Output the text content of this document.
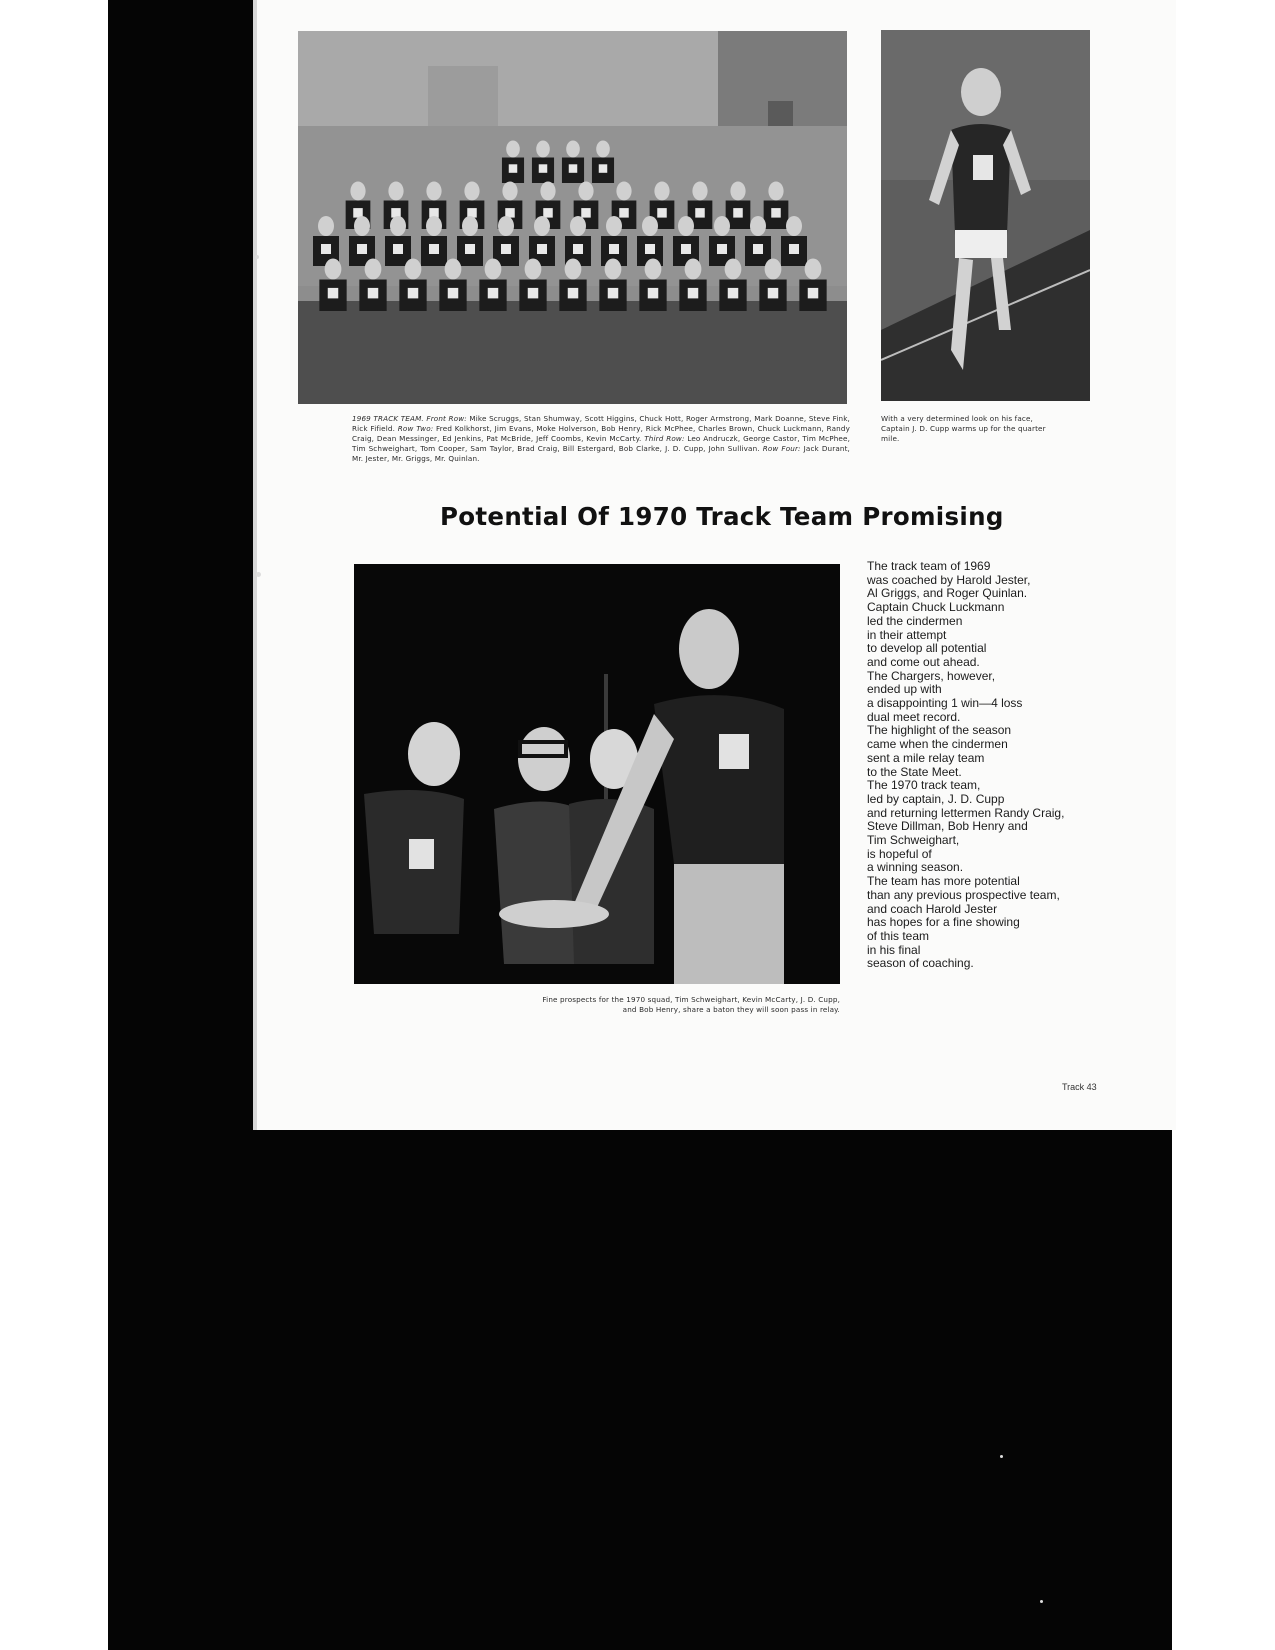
1969 TRACK TEAM. Front Row: Mike Scruggs, Stan Shumway, Scott Higgins, Chuck Hott, Roger Armstrong, Mark Doanne, Steve Fink, Rick Fifield. Row Two: Fred Kolkhorst, Jim Evans, Moke Holverson, Bob Henry, Rick McPhee, Charles Brown, Chuck Luckmann, Randy Craig, Dean Messinger, Ed Jenkins, Pat McBride, Jeff Coombs, Kevin McCarty. Third Row: Leo Andruczk, George Castor, Tim McPhee, Tim Schweighart, Tom Cooper, Sam Taylor, Brad Craig, Bill Estergard, Bob Clarke, J. D. Cupp, John Sullivan. Row Four: Jack Durant, Mr. Jester, Mr. Griggs, Mr. Quinlan.
With a very determined look on his face, Captain J. D. Cupp warms up for the quarter mile.
Potential Of 1970 Track Team Promising
The track team of 1969
was coached by Harold Jester,
Al Griggs, and Roger Quinlan.
Captain Chuck Luckmann
led the cindermen
in their attempt
to develop all potential
and come out ahead.
The Chargers, however,
ended up with
a disappointing 1 win—4 loss
dual meet record.
The highlight of the season
came when the cindermen
sent a mile relay team
to the State Meet.
The 1970 track team,
led by captain, J. D. Cupp
and returning lettermen Randy Craig,
Steve Dillman, Bob Henry and
Tim Schweighart,
is hopeful of
a winning season.
The team has more potential
than any previous prospective team,
and coach Harold Jester
has hopes for a fine showing
of this team
in his final
season of coaching.
Fine prospects for the 1970 squad, Tim Schweighart, Kevin McCarty, J. D. Cupp, and Bob Henry, share a baton they will soon pass in relay.
Track 43
